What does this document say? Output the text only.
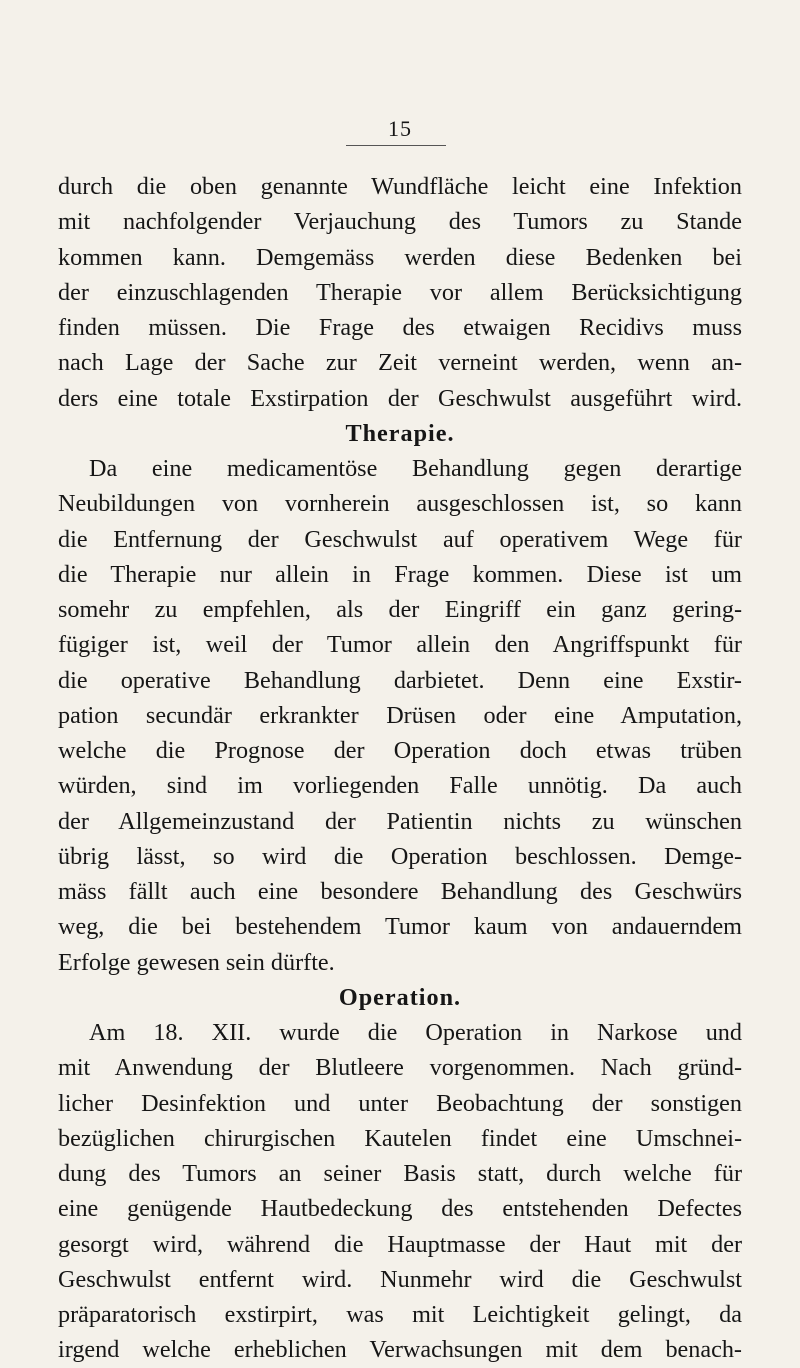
15
durch die oben genannte Wundfläche leicht eine Infektion
mit nachfolgender Verjauchung des Tumors zu Stande
kommen kann. Demgemäss werden diese Bedenken bei
der einzuschlagenden Therapie vor allem Berücksichtigung
finden müssen. Die Frage des etwaigen Recidivs muss
nach Lage der Sache zur Zeit verneint werden, wenn an-
ders eine totale Exstirpation der Geschwulst ausgeführt wird.
Therapie.
Da eine medicamentöse Behandlung gegen derartige
Neubildungen von vornherein ausgeschlossen ist, so kann
die Entfernung der Geschwulst auf operativem Wege für
die Therapie nur allein in Frage kommen. Diese ist um
somehr zu empfehlen, als der Eingriff ein ganz gering-
fügiger ist, weil der Tumor allein den Angriffspunkt für
die operative Behandlung darbietet. Denn eine Exstir-
pation secundär erkrankter Drüsen oder eine Amputation,
welche die Prognose der Operation doch etwas trüben
würden, sind im vorliegenden Falle unnötig. Da auch
der Allgemeinzustand der Patientin nichts zu wünschen
übrig lässt, so wird die Operation beschlossen. Demge-
mäss fällt auch eine besondere Behandlung des Geschwürs
weg, die bei bestehendem Tumor kaum von andauerndem
Erfolge gewesen sein dürfte.
Operation.
Am 18. XII. wurde die Operation in Narkose und
mit Anwendung der Blutleere vorgenommen. Nach gründ-
licher Desinfektion und unter Beobachtung der sonstigen
bezüglichen chirurgischen Kautelen findet eine Umschnei-
dung des Tumors an seiner Basis statt, durch welche für
eine genügende Hautbedeckung des entstehenden Defectes
gesorgt wird, während die Hauptmasse der Haut mit der
Geschwulst entfernt wird. Nunmehr wird die Geschwulst
präparatorisch exstirpirt, was mit Leichtigkeit gelingt, da
irgend welche erheblichen Verwachsungen mit dem benach-
